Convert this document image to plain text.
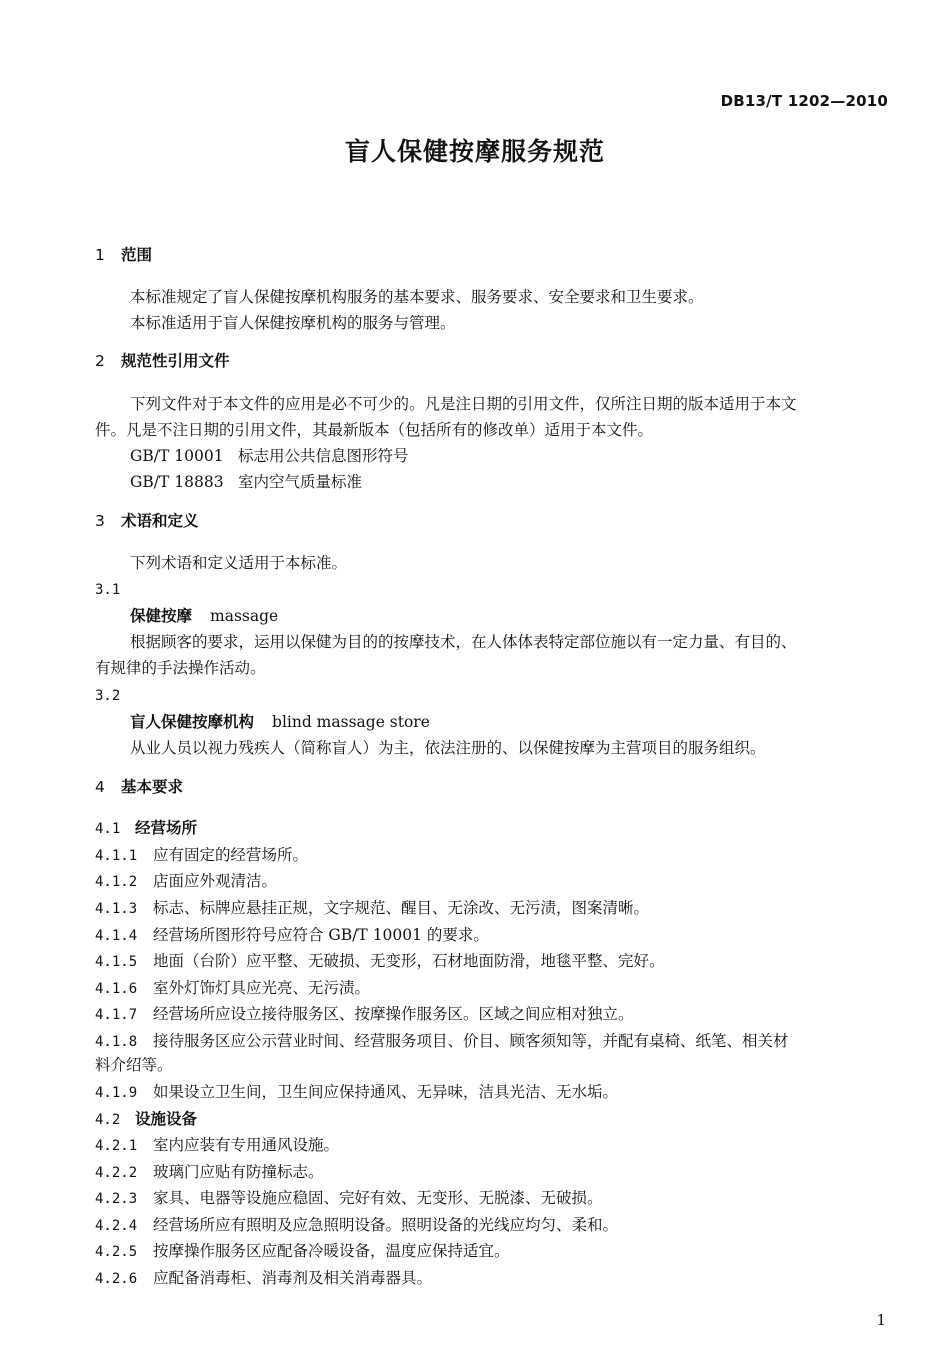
DB13/T 1202—2010
盲人保健按摩服务规范
1 范围
本标准规定了盲人保健按摩机构服务的基本要求、服务要求、安全要求和卫生要求。
本标准适用于盲人保健按摩机构的服务与管理。
2 规范性引用文件
下列文件对于本文件的应用是必不可少的。凡是注日期的引用文件，仅所注日期的版本适用于本文
件。凡是不注日期的引用文件，其最新版本（包括所有的修改单）适用于本文件。
GB/T 10001 标志用公共信息图形符号
GB/T 18883 室内空气质量标准
3 术语和定义
下列术语和定义适用于本标准。
3.1
保健按摩 massage
根据顾客的要求，运用以保健为目的的按摩技术，在人体体表特定部位施以有一定力量、有目的、
有规律的手法操作活动。
3.2
盲人保健按摩机构 blind massage store
从业人员以视力残疾人（简称盲人）为主，依法注册的、以保健按摩为主营项目的服务组织。
4 基本要求
4.1 经营场所
4.1.1 应有固定的经营场所。
4.1.2 店面应外观清洁。
4.1.3 标志、标牌应悬挂正规，文字规范、醒目、无涂改、无污渍，图案清晰。
4.1.4 经营场所图形符号应符合 GB/T 10001 的要求。
4.1.5 地面（台阶）应平整、无破损、无变形，石材地面防滑，地毯平整、完好。
4.1.6 室外灯饰灯具应光亮、无污渍。
4.1.7 经营场所应设立接待服务区、按摩操作服务区。区域之间应相对独立。
4.1.8 接待服务区应公示营业时间、经营服务项目、价目、顾客须知等，并配有桌椅、纸笔、相关材
料介绍等。
4.1.9 如果设立卫生间，卫生间应保持通风、无异味，洁具光洁、无水垢。
4.2 设施设备
4.2.1 室内应装有专用通风设施。
4.2.2 玻璃门应贴有防撞标志。
4.2.3 家具、电器等设施应稳固、完好有效、无变形、无脱漆、无破损。
4.2.4 经营场所应有照明及应急照明设备。照明设备的光线应均匀、柔和。
4.2.5 按摩操作服务区应配备冷暖设备，温度应保持适宜。
4.2.6 应配备消毒柜、消毒剂及相关消毒器具。
1
